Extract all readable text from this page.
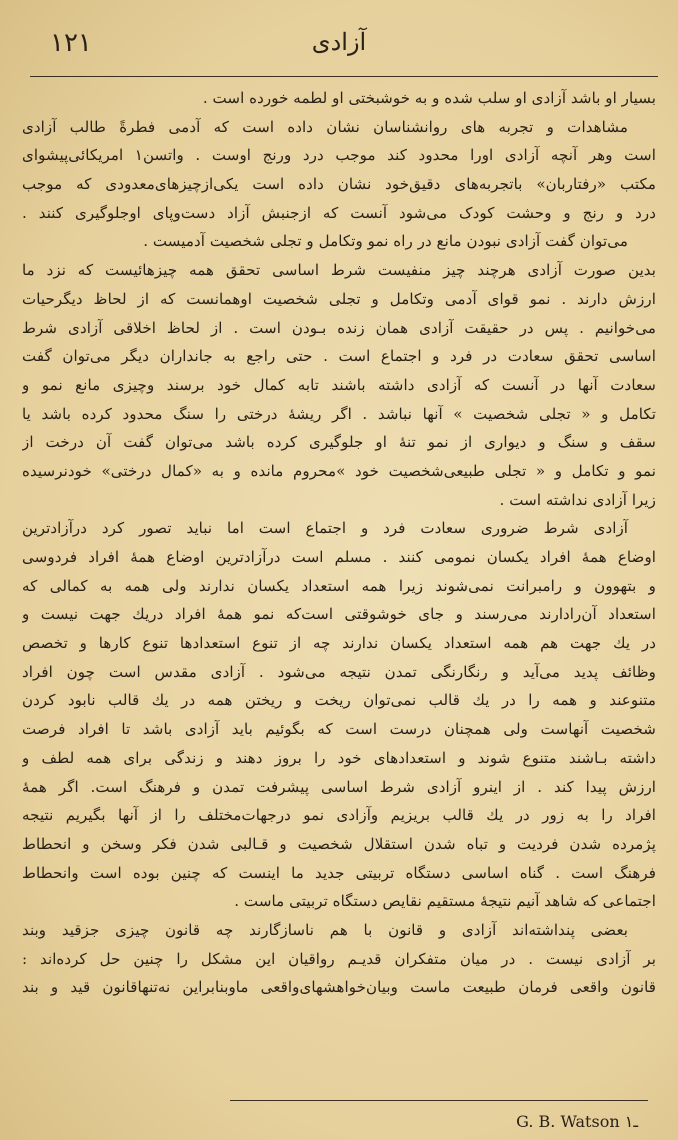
۱۲۱	آزادی
بسیار او باشد آزادی او سلب شده و به خوشبختی او لطمه خورده است .
مشاهدات و تجربه های روانشناسان نشان داده است که آدمی فطرةً طالب آزادی
است وهر آنچه آزادی اورا محدود کند موجب درد ورنج اوست . واتسن۱ امریکائی‌پیشوای
مکتب «رفتاربان» باتجربه‌های دقیق‌خود نشان داده است یکی‌ازچیزهای‌معدودی که موجب
درد و رنج و وحشت کودک می‌شود آنست که ازجنبش آزاد دست‌وپای اوجلوگیری کنند .
می‌توان گفت آزادی نبودن مانع در راه نمو وتکامل و تجلی شخصیت آدمیست .
بدین صورت آزادی هرچند چیز منفیست شرط اساسی تحقق همه چیزهائیست که نزد ما
ارزش دارند . نمو قوای آدمی وتکامل و تجلی شخصیت اوهمانست که از لحاظ دیگرحیات
می‌خوانیم . پس در حقیقت آزادی همان زنده بـودن است . از لحاظ اخلاقی آزادی شرط
اساسی تحقق سعادت در فرد و اجتماع است . حتی راجع به جانداران دیگر می‌توان گفت
سعادت آنها در آنست که آزادی داشته باشند تابه کمال خود برسند وچیزی مانع نمو و
تکامل و « تجلی شخصیت » آنها نباشد . اگر ریشهٔ درختی را سنگ محدود کرده باشد یا
سقف و سنگ و دیواری از نمو تنهٔ او جلوگیری کرده باشد می‌توان گفت آن درخت از
نمو و تکامل و « تجلی طبیعی‌شخصیت خود »محروم مانده و به «کمال درختی» خودنرسیده
زیرا آزادی نداشته است .
آزادی شرط ضروری سعادت فرد و اجتماع است اما نباید تصور کرد درآزادترین
اوضاع همهٔ افراد یکسان نمومی کنند . مسلم است درآزادترین اوضاع همهٔ افراد فردوسی
و بتهوون و رامبرانت نمی‌شوند زیرا همه استعداد یکسان ندارند ولی همه به کمالی که
استعداد آن‌رادارند می‌رسند و جای خوشوقتی است‌که نمو همهٔ افراد دریك جهت نیست و
در یك جهت هم همه استعداد یکسان ندارند چه از تنوع استعدادها تنوع کارها و تخصص
وظائف پدید می‌آید و رنگارنگی تمدن نتیجه می‌شود . آزادی مقدس است چون افراد
متنوعند و همه را در یك قالب نمی‌توان ریخت و ریختن همه در یك قالب نابود کردن
شخصیت آنهاست ولی همچنان درست است که بگوئیم باید آزادی باشد تا افراد فرصت
داشته بـاشند متنوع شوند و استعدادهای خود را بروز دهند و زندگی برای همه لطف و
ارزش پیدا کند . از اینرو آزادی شرط اساسی پیشرفت تمدن و فرهنگ است. اگر همهٔ
افراد را به زور در یك قالب بریزیم وآزادی نمو درجهات‌مختلف را از آنها بگیریم نتیجه
پژمرده شدن فردیت و تباه شدن استقلال شخصیت و قـالبی شدن فکر وسخن و انحطاط
فرهنگ است . گناه اساسی دستگاه تربیتی جدید ما اینست که چنین بوده است وانحطاط
اجتماعی که شاهد آنیم نتیجهٔ مستقیم نقایص دستگاه تربیتی ماست .
بعضی پنداشته‌اند آزادی و قانون با هم ناسازگارند چه قانون چیزی جزقید وبند
بر آزادی نیست . در میان متفکران قدیـم رواقیان این مشکل را چنین حل کرده‌اند :
قانون واقعی فرمان طبیعت ماست وبیان‌خواهشهای‌واقعی ماوبنابراین نه‌تنهاقانون قید و بند
G. B. Watson ـ۱
